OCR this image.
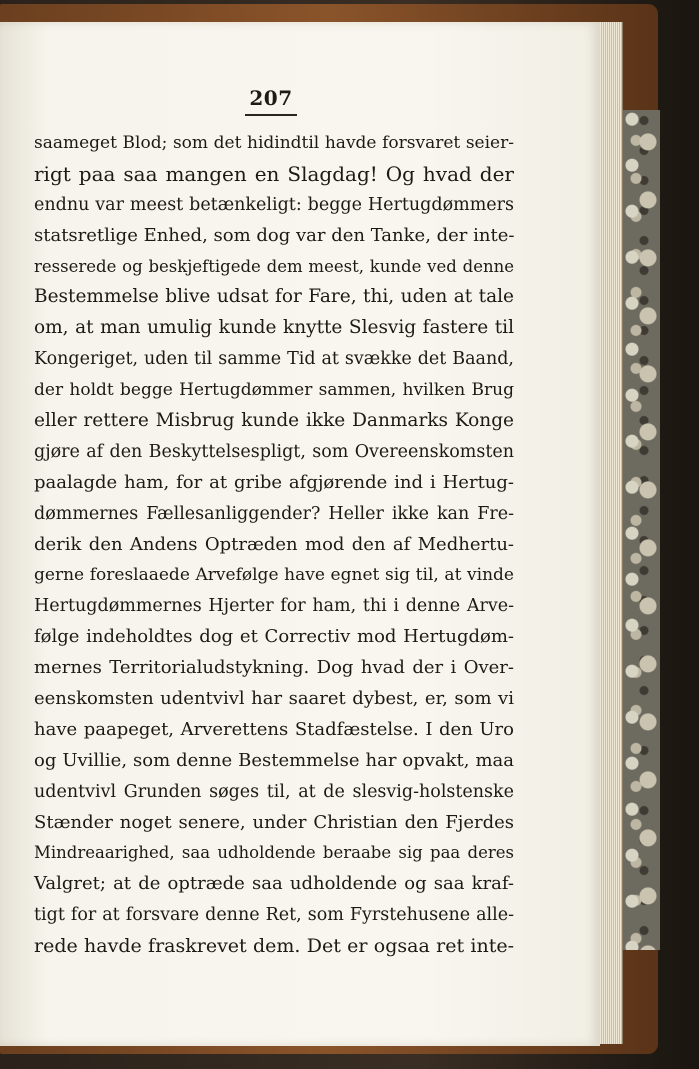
207
saameget Blod; som det hidindtil havde forsvaret seier-
rigt paa saa mangen en Slagdag! Og hvad der
endnu var meest betænkeligt: begge Hertugdømmers
statsretlige Enhed, som dog var den Tanke, der inte-
resserede og beskjeftigede dem meest, kunde ved denne
Bestemmelse blive udsat for Fare, thi, uden at tale
om, at man umulig kunde knytte Slesvig fastere til
Kongeriget, uden til samme Tid at svække det Baand,
der holdt begge Hertugdømmer sammen, hvilken Brug
eller rettere Misbrug kunde ikke Danmarks Konge
gjøre af den Beskyttelsespligt, som Overeenskomsten
paalagde ham, for at gribe afgjørende ind i Hertug-
dømmernes Fællesanliggender? Heller ikke kan Fre-
derik den Andens Optræden mod den af Medhertu-
gerne foreslaaede Arvefølge have egnet sig til, at vinde
Hertugdømmernes Hjerter for ham, thi i denne Arve-
følge indeholdtes dog et Correctiv mod Hertugdøm-
mernes Territorialudstykning. Dog hvad der i Over-
eenskomsten udentvivl har saaret dybest, er, som vi
have paapeget, Arverettens Stadfæstelse. I den Uro
og Uvillie, som denne Bestemmelse har opvakt, maa
udentvivl Grunden søges til, at de slesvig-holstenske
Stænder noget senere, under Christian den Fjerdes
Mindreaarighed, saa udholdende beraabe sig paa deres
Valgret; at de optræde saa udholdende og saa kraf-
tigt for at forsvare denne Ret, som Fyrstehusene alle-
rede havde fraskrevet dem. Det er ogsaa ret inte-
